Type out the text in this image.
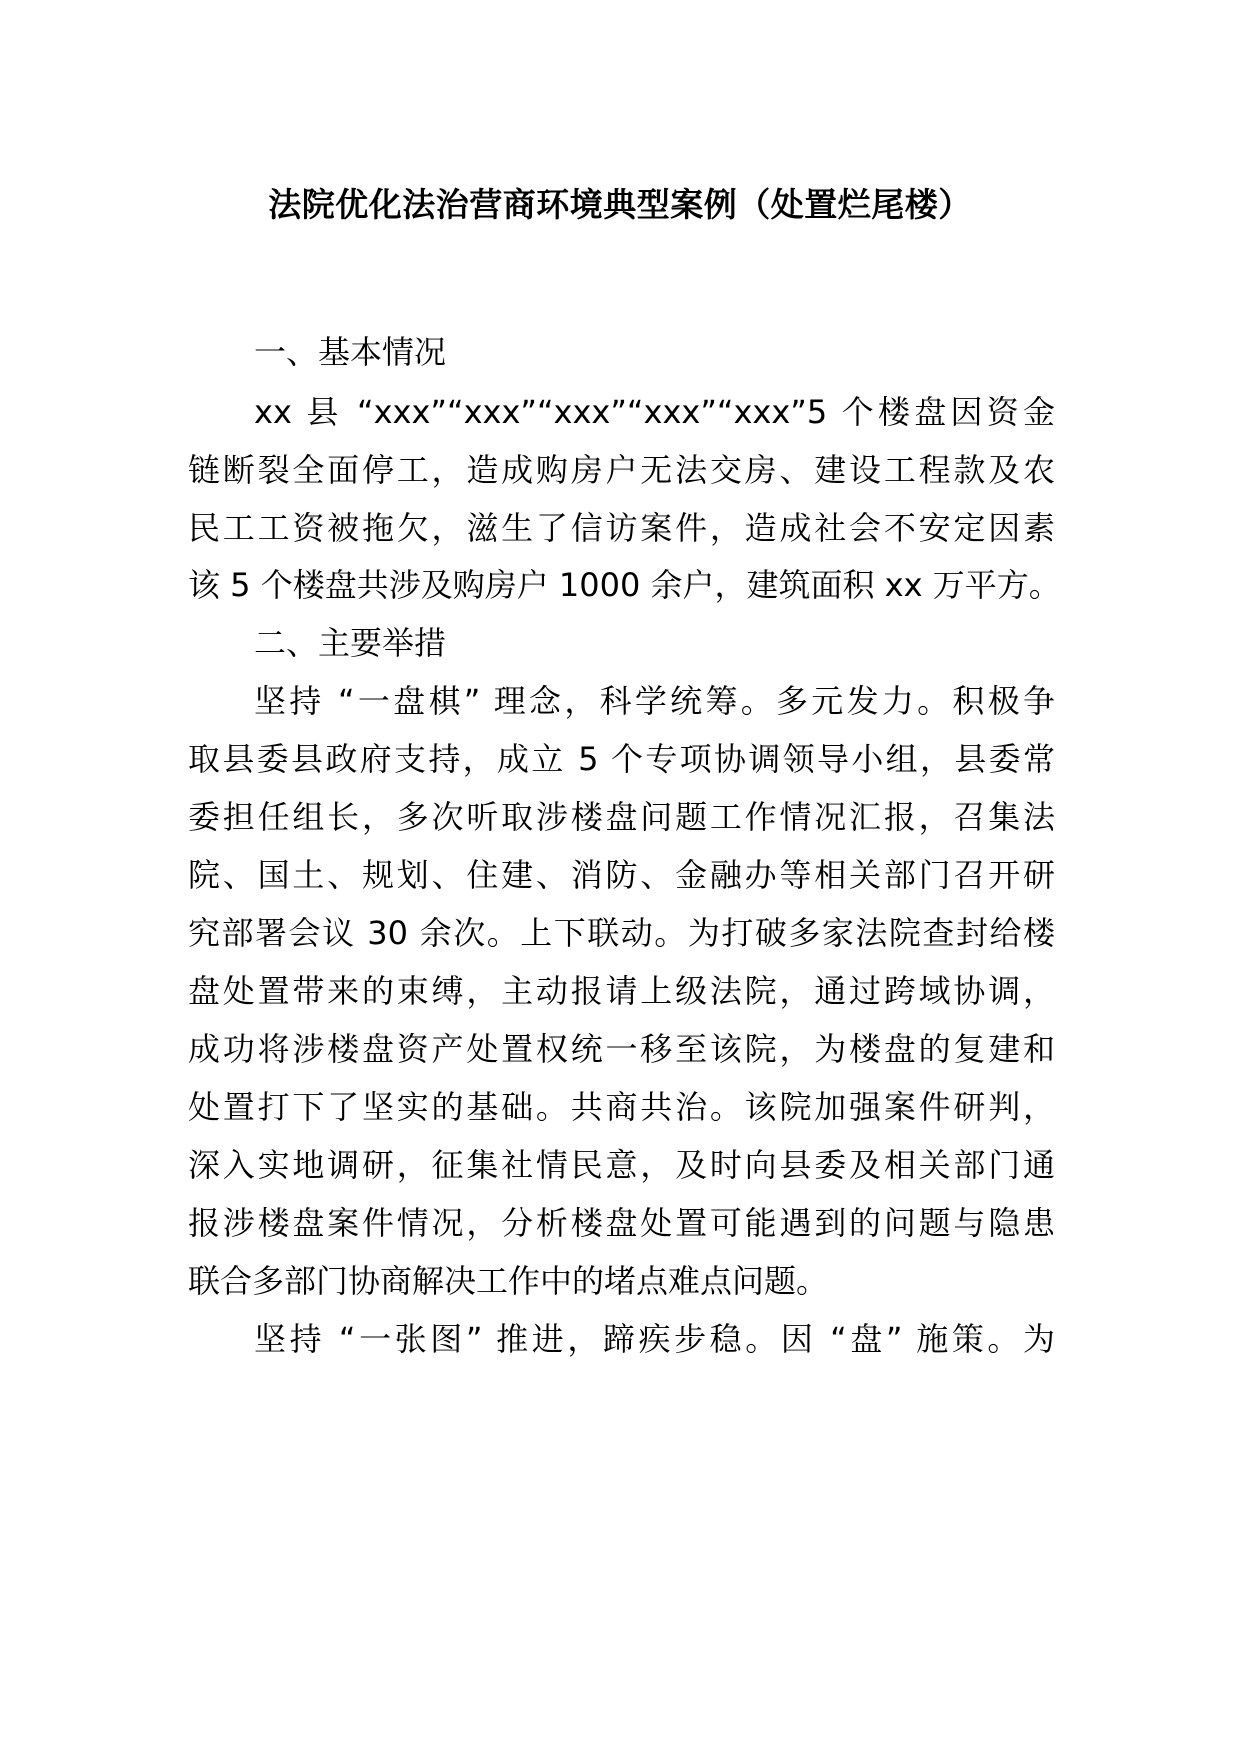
法院优化法治营商环境典型案例（处置烂尾楼）
一、基本情况
xx 县 “xxx”“xxx”“xxx”“xxx”“xxx”5 个楼盘因资金
链断裂全面停工，造成购房户无法交房、建设工程款及农
民工工资被拖欠，滋生了信访案件，造成社会不安定因素
该 5 个楼盘共涉及购房户 1000 余户，建筑面积 xx 万平方。
二、主要举措
坚持 “一盘棋” 理念，科学统筹。多元发力。积极争
取县委县政府支持，成立 5 个专项协调领导小组，县委常
委担任组长，多次听取涉楼盘问题工作情况汇报，召集法
院、国土、规划、住建、消防、金融办等相关部门召开研
究部署会议 30 余次。上下联动。为打破多家法院查封给楼
盘处置带来的束缚，主动报请上级法院，通过跨域协调，
成功将涉楼盘资产处置权统一移至该院，为楼盘的复建和
处置打下了坚实的基础。共商共治。该院加强案件研判，
深入实地调研，征集社情民意，及时向县委及相关部门通
报涉楼盘案件情况，分析楼盘处置可能遇到的问题与隐患
联合多部门协商解决工作中的堵点难点问题。
坚持 “一张图” 推进，蹄疾步稳。因 “盘” 施策。为
